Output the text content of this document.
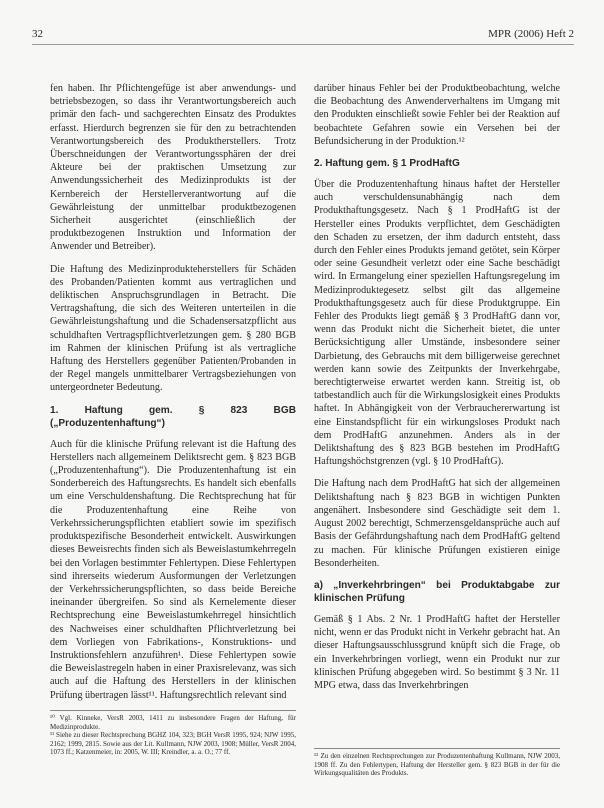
32	MPR (2006) Heft 2

fen haben. Ihr Pflichtengefüge ist aber anwendungs- und betriebsbezogen, so dass ihr Verantwortungsbereich auch primär den fach- und sachgerechten Einsatz des Produktes erfasst. Hierdurch begrenzen sie für den zu betrachtenden Verantwortungsbereich des Produktherstellers. Trotz Überschneidungen der Verantwortungssphären der drei Akteure bei der praktischen Umsetzung zur Anwendungssicherheit des Medizinprodukts ist der Kernbereich der Herstellerverantwortung auf die Gewährleistung der unmittelbar produktbezogenen Sicherheit ausgerichtet (einschließlich der produktbezogenen Instruktion und Information der Anwender und Betreiber).

Die Haftung des Medizinprodukteherstellers für Schäden des Probanden/Patienten kommt aus vertraglichen und deliktischen Anspruchsgrundlagen in Betracht. Die Vertragshaftung, die sich des Weiteren unterteilen in die Gewährleistungshaftung und die Schadensersatzpflicht aus schuldhaften Vertragspflichtverletzungen gem. § 280 BGB im Rahmen der klinischen Prüfung ist als vertragliche Haftung des Herstellers gegenüber Patienten/Probanden in der Regel mangels unmittelbarer Vertragsbeziehungen von untergeordneter Bedeutung.

1. Haftung gem. § 823 BGB („Produzentenhaftung“)

Auch für die klinische Prüfung relevant ist die Haftung des Herstellers nach allgemeinem Deliktsrecht gem. § 823 BGB („Produzentenhaftung“). Die Produzentenhaftung ist ein Sonderbereich des Haftungsrechts. Es handelt sich ebenfalls um eine Verschuldenshaftung. Die Rechtsprechung hat für die Produzentenhaftung eine Reihe von Verkehrssicherungspflichten etabliert sowie im spezifisch produktspezifische Besonderheit entwickelt. Auswirkungen dieses Beweisrechts finden sich als Beweislastumkehrregeln bei den Vorlagen bestimmter Fehlertypen. Diese Fehlertypen sind ihrerseits wiederum Ausformungen der Verletzungen der Verkehrssicherungspflichten, so dass beide Bereiche ineinander übergreifen. So sind als Kernelemente dieser Rechtsprechung eine Beweislastumkehrregel hinsichtlich des Nachweises einer schuldhaften Pflichtverletzung bei dem Vorliegen von Fabrikations-, Konstruktions- und Instruktionsfehlern anzuführen¹. Diese Fehlertypen sowie die Beweislastregeln haben in einer Praxisrelevanz, was sich auch auf die Haftung des Herstellers in der klinischen Prüfung übertragen lässt¹¹. Haftungsrechtlich relevant sind

¹⁰ Vgl. Kinneke, VersR 2003, 1411 zu insbesondere Fragen der Haftung, für Medizinprodukte.

¹¹ Siehe zu dieser Rechtsprechung BGHZ 104, 323; BGH VersR 1995, 924; NJW 1995, 2162; 1999, 2815. Sowie aus der Lit. Kullmann, NJW 2003, 1908; Müller, VersR 2004, 1073 ff.; Katzenmeier, in: 2005, W. III; Kreindler, a. a. O.; 77 ff.

darüber hinaus Fehler bei der Produktbeobachtung, welche die Beobachtung des Anwenderverhaltens im Umgang mit den Produkten einschließt sowie Fehler bei der Reaktion auf beobachtete Gefahren sowie ein Versehen bei der Befundsicherung in der Produktion.¹²

2. Haftung gem. § 1 ProdHaftG

Über die Produzentenhaftung hinaus haftet der Hersteller auch verschuldensunabhängig nach dem Produkthaftungsgesetz. Nach § 1 ProdHaftG ist der Hersteller eines Produkts verpflichtet, dem Geschädigten den Schaden zu ersetzen, der ihm dadurch entsteht, dass durch den Fehler eines Produkts jemand getötet, sein Körper oder seine Gesundheit verletzt oder eine Sache beschädigt wird. In Ermangelung einer speziellen Haftungsregelung im Medizinproduktegesetz selbst gilt das allgemeine Produkthaftungsgesetz auch für diese Produktgruppe. Ein Fehler des Produkts liegt gemäß § 3 ProdHaftG dann vor, wenn das Produkt nicht die Sicherheit bietet, die unter Berücksichtigung aller Umstände, insbesondere seiner Darbietung, des Gebrauchs mit dem billigerweise gerechnet werden kann sowie des Zeitpunkts der Inverkehrgabe, berechtigterweise erwartet werden kann. Streitig ist, ob tatbestandlich auch für die Wirkungslosigkeit eines Produkts haftet. In Abhängigkeit von der Verbrauchererwartung ist eine Einstandspflicht für ein wirkungsloses Produkt nach dem ProdHaftG anzunehmen. Anders als in der Deliktshaftung des § 823 BGB bestehen im ProdHaftG Haftungshöchstgrenzen (vgl. § 10 ProdHaftG).

Die Haftung nach dem ProdHaftG hat sich der allgemeinen Deliktshaftung nach § 823 BGB in wichtigen Punkten angenähert. Insbesondere sind Geschädigte seit dem 1. August 2002 berechtigt, Schmerzensgeldansprüche auch auf Basis der Gefährdungshaftung nach dem ProdHaftG geltend zu machen. Für klinische Prüfungen existieren einige Besonderheiten.

a) „Inverkehrbringen“ bei Produktabgabe zur klinischen Prüfung

Gemäß § 1 Abs. 2 Nr. 1 ProdHaftG haftet der Hersteller nicht, wenn er das Produkt nicht in Verkehr gebracht hat. An dieser Haftungsausschlussgrund knüpft sich die Frage, ob ein Inverkehrbringen vorliegt, wenn ein Produkt nur zur klinischen Prüfung abgegeben wird. So bestimmt § 3 Nr. 11 MPG etwa, dass das Inverkehrbringen

¹² Zu den einzelnen Rechtsprechungen zur Produzentenhaftung Kullmann, NJW 2003, 1908 ff. Zu den Fehlertypen, Haftung der Hersteller gem. § 823 BGB in der für die Wirkungsqualitäten des Produkts.
